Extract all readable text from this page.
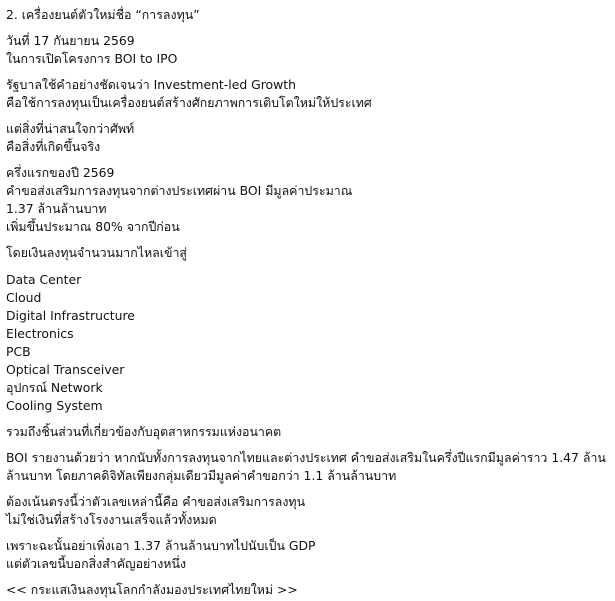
2. เครื่องยนต์ตัวใหม่ชื่อ “การลงทุน”

วันที่ 17 กันยายน 2569
ในการเปิดโครงการ BOI to IPO

รัฐบาลใช้คำอย่างชัดเจนว่า Investment-led Growth
คือใช้การลงทุนเป็นเครื่องยนต์สร้างศักยภาพการเติบโตใหม่ให้ประเทศ

แต่สิ่งที่น่าสนใจกว่าศัพท์
คือสิ่งที่เกิดขึ้นจริง

ครึ่งแรกของปี 2569
คำขอส่งเสริมการลงทุนจากต่างประเทศผ่าน BOI มีมูลค่าประมาณ
1.37 ล้านล้านบาท
เพิ่มขึ้นประมาณ 80% จากปีก่อน

โดยเงินลงทุนจำนวนมากไหลเข้าสู่

Data Center
Cloud
Digital Infrastructure
Electronics
PCB
Optical Transceiver
อุปกรณ์ Network
Cooling System

รวมถึงชิ้นส่วนที่เกี่ยวข้องกับอุตสาหกรรมแห่งอนาคต

BOI รายงานด้วยว่า หากนับทั้งการลงทุนจากไทยและต่างประเทศ คำขอส่งเสริมในครึ่งปีแรกมีมูลค่าราว 1.47 ล้าน
ล้านบาท โดยภาคดิจิทัลเพียงกลุ่มเดียวมีมูลค่าคำขอกว่า 1.1 ล้านล้านบาท

ต้องเน้นตรงนี้ว่าตัวเลขเหล่านี้คือ คำขอส่งเสริมการลงทุน
ไม่ใช่เงินที่สร้างโรงงานเสร็จแล้วทั้งหมด

เพราะฉะนั้นอย่าเพิ่งเอา 1.37 ล้านล้านบาทไปนับเป็น GDP
แต่ตัวเลขนี้บอกสิ่งสำคัญอย่างหนึ่ง

<< กระแสเงินลงทุนโลกกำลังมองประเทศไทยใหม่ >>
